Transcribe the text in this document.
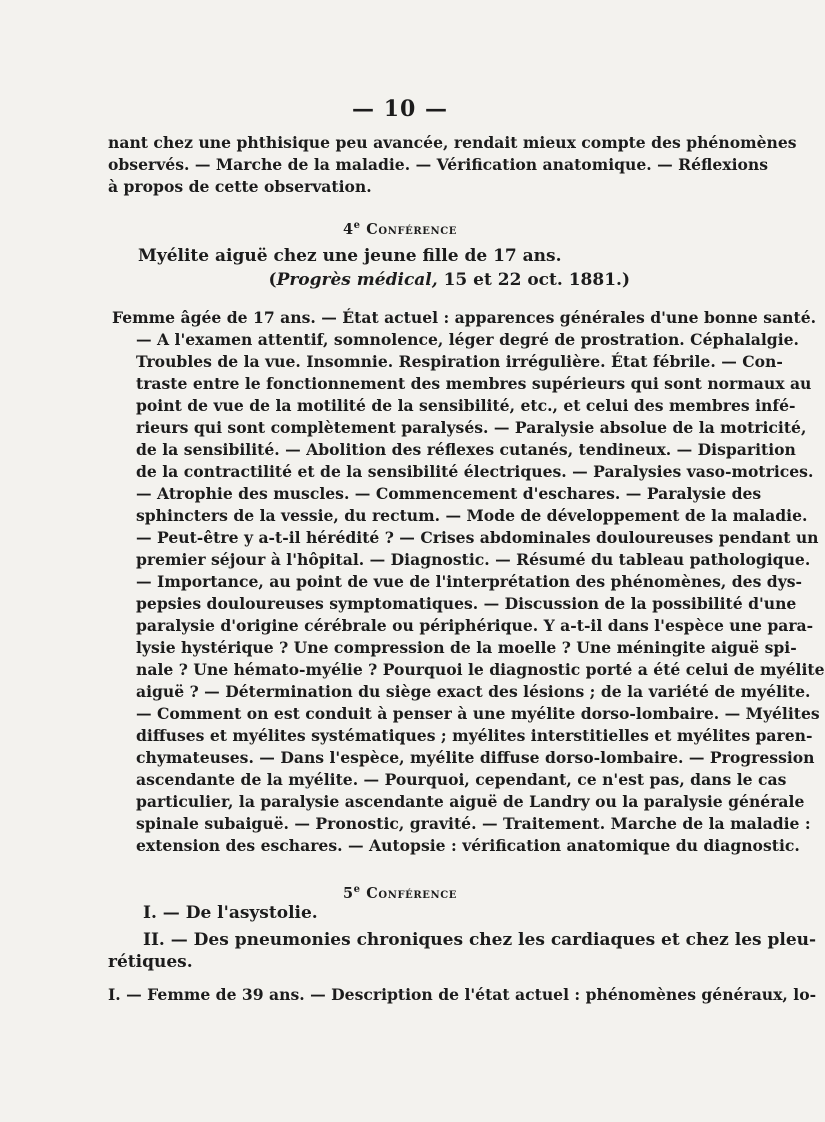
— 10 —
nant chez une phthisique peu avancée, rendait mieux compte des phénomènes
observés. — Marche de la maladie. — Vérification anatomique. — Réflexions
à propos de cette observation.
4e Conférence
Myélite aiguë chez une jeune fille de 17 ans.
(Progrès médical, 15 et 22 oct. 1881.)
Femme âgée de 17 ans. — État actuel : apparences générales d'une bonne santé.
— A l'examen attentif, somnolence, léger degré de prostration. Céphalalgie.
Troubles de la vue. Insomnie. Respiration irrégulière. État fébrile. — Con-
traste entre le fonctionnement des membres supérieurs qui sont normaux au
point de vue de la motilité de la sensibilité, etc., et celui des membres infé-
rieurs qui sont complètement paralysés. — Paralysie absolue de la motricité,
de la sensibilité. — Abolition des réflexes cutanés, tendineux. — Disparition
de la contractilité et de la sensibilité électriques. — Paralysies vaso-motrices.
— Atrophie des muscles. — Commencement d'eschares. — Paralysie des
sphincters de la vessie, du rectum. — Mode de développement de la maladie.
— Peut-être y a-t-il hérédité ? — Crises abdominales douloureuses pendant un
premier séjour à l'hôpital. — Diagnostic. — Résumé du tableau pathologique.
— Importance, au point de vue de l'interprétation des phénomènes, des dys-
pepsies douloureuses symptomatiques. — Discussion de la possibilité d'une
paralysie d'origine cérébrale ou périphérique. Y a-t-il dans l'espèce une para-
lysie hystérique ? Une compression de la moelle ? Une méningite aiguë spi-
nale ? Une hémato-myélie ? Pourquoi le diagnostic porté a été celui de myélite
aiguë ? — Détermination du siège exact des lésions ; de la variété de myélite.
— Comment on est conduit à penser à une myélite dorso-lombaire. — Myélites
diffuses et myélites systématiques ; myélites interstitielles et myélites paren-
chymateuses. — Dans l'espèce, myélite diffuse dorso-lombaire. — Progression
ascendante de la myélite. — Pourquoi, cependant, ce n'est pas, dans le cas
particulier, la paralysie ascendante aiguë de Landry ou la paralysie générale
spinale subaiguë. — Pronostic, gravité. — Traitement. Marche de la maladie :
extension des eschares. — Autopsie : vérification anatomique du diagnostic.
5e Conférence
I. — De l'asystolie.
II. — Des pneumonies chroniques chez les cardiaques et chez les pleu-
rétiques.
I. — Femme de 39 ans. — Description de l'état actuel : phénomènes généraux, lo-
